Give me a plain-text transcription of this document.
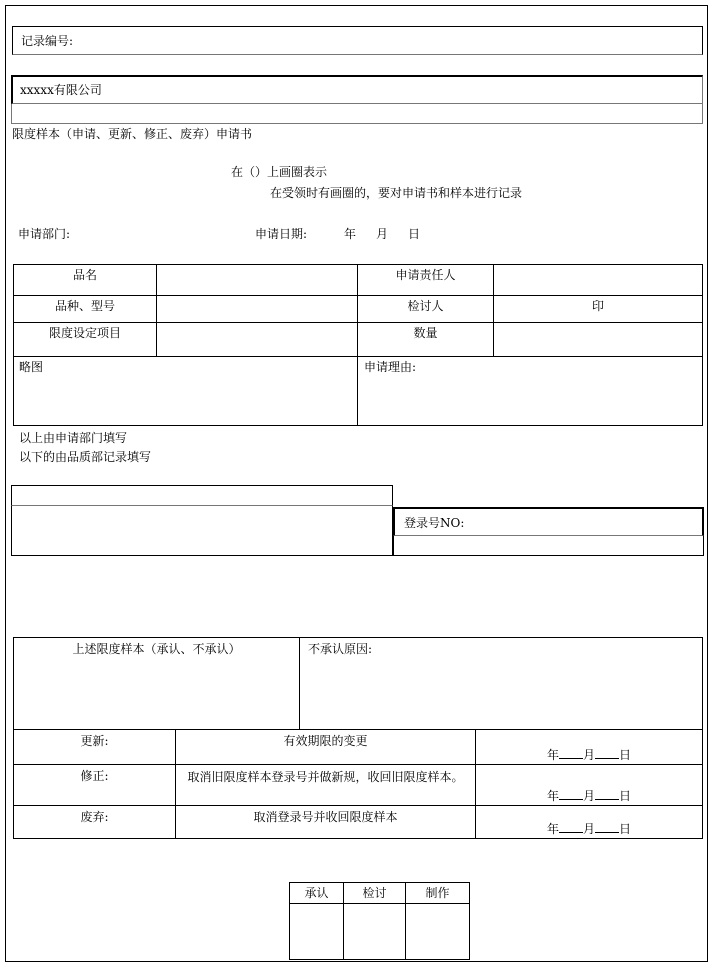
记录编号:
xxxxx有限公司
限度样本（申请、更新、修正、废弃）申请书
在（）上画圈表示
在受领时有画圈的，要对申请书和样本进行记录
申请部门:	申请日期:	年 月 日
品名		申请责任人	
品种、型号		检讨人	印
限度设定项目		数量	
略图		申请理由:	
以上由申请部门填写
以下的由品质部记录填写
登录号NO:
上述限度样本（承认、不承认）	不承认原因:
更新:	有效期限的变更	年 月 日
修正:	取消旧限度样本登录号并做新规，收回旧限度样本。	年 月 日
废弃:	取消登录号并收回限度样本	年 月 日
承认	检讨	制作
